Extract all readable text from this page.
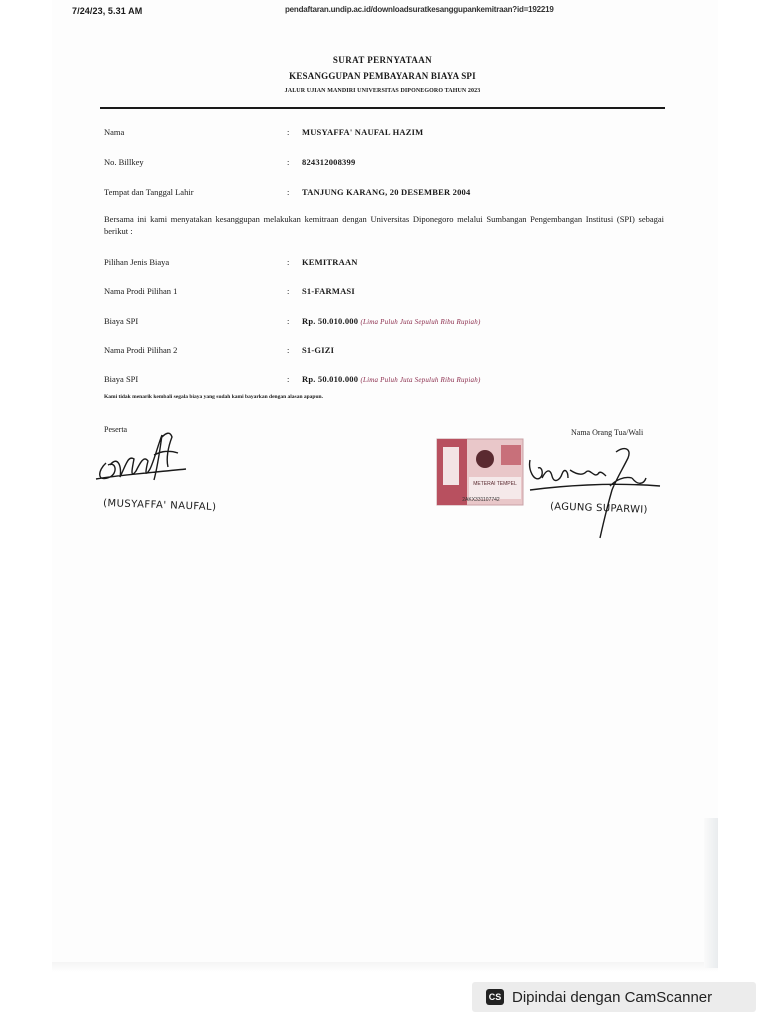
7/24/23, 5.31 AM	pendaftaran.undip.ac.id/downloadsuratkesanggupankemitraan?id=192219
SURAT PERNYATAAN
KESANGGUPAN PEMBAYARAN BIAYA SPI
JALUR UJIAN MANDIRI UNIVERSITAS DIPONEGORO TAHUN 2023
Nama	: MUSYAFFA' NAUFAL HAZIM
No. Billkey	: 824312008399
Tempat dan Tanggal Lahir	: TANJUNG KARANG, 20 DESEMBER 2004
Bersama ini kami menyatakan kesanggupan melakukan kemitraan dengan Universitas Diponegoro melalui Sumbangan Pengembangan Institusi (SPI) sebagai berikut :
Pilihan Jenis Biaya	: KEMITRAAN
Nama Prodi Pilihan 1	: S1-FARMASI
Biaya SPI	: Rp. 50.010.000 (Lima Puluh Juta Sepuluh Ribu Rupiah)
Nama Prodi Pilihan 2	: S1-GIZI
Biaya SPI	: Rp. 50.010.000 (Lima Puluh Juta Sepuluh Ribu Rupiah)
Kami tidak menarik kembali segala biaya yang sudah kami bayarkan dengan alasan apapun.
Peserta	Nama Orang Tua/Wali
METERAI TEMPEL
2AKX331107742
(MUSYAFFA' NAUFAL)	(AGUNG SUPARWI)
CS Dipindai dengan CamScanner
